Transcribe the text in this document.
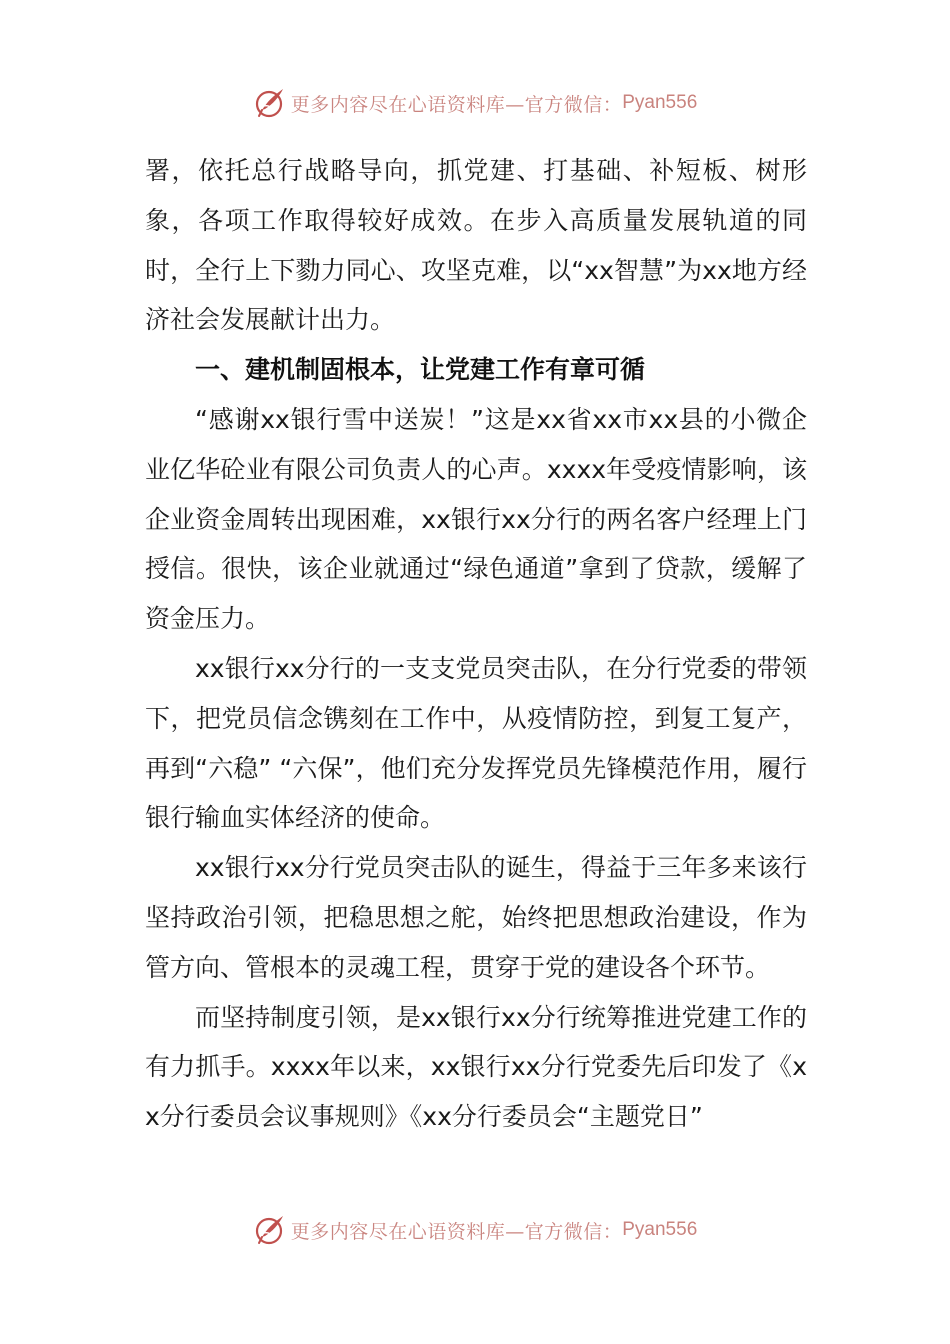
更多内容尽在心语资料库—官方微信： Pyan556

署，依托总行战略导向，抓党建、打基础、补短板、树形象，各项工作取得较好成效。在步入高质量发展轨道的同时，全行上下勠力同心、攻坚克难，以“xx智慧”为xx地方经济社会发展献计出力。

一、建机制固根本，让党建工作有章可循

“感谢xx银行雪中送炭！”这是xx省xx市xx县的小微企业亿华砼业有限公司负责人的心声。xxxx年受疫情影响，该企业资金周转出现困难，xx银行xx分行的两名客户经理上门授信。很快，该企业就通过“绿色通道”拿到了贷款，缓解了资金压力。

xx银行xx分行的一支支党员突击队，在分行党委的带领下，把党员信念镌刻在工作中，从疫情防控，到复工复产，再到“六稳” “六保”，他们充分发挥党员先锋模范作用，履行银行输血实体经济的使命。

xx银行xx分行党员突击队的诞生，得益于三年多来该行坚持政治引领，把稳思想之舵，始终把思想政治建设，作为管方向、管根本的灵魂工程，贯穿于党的建设各个环节。

而坚持制度引领，是xx银行xx分行统筹推进党建工作的有力抓手。xxxx年以来，xx银行xx分行党委先后印发了《xx分行委员会议事规则》《xx分行委员会“主题党日”

更多内容尽在心语资料库—官方微信： Pyan556
